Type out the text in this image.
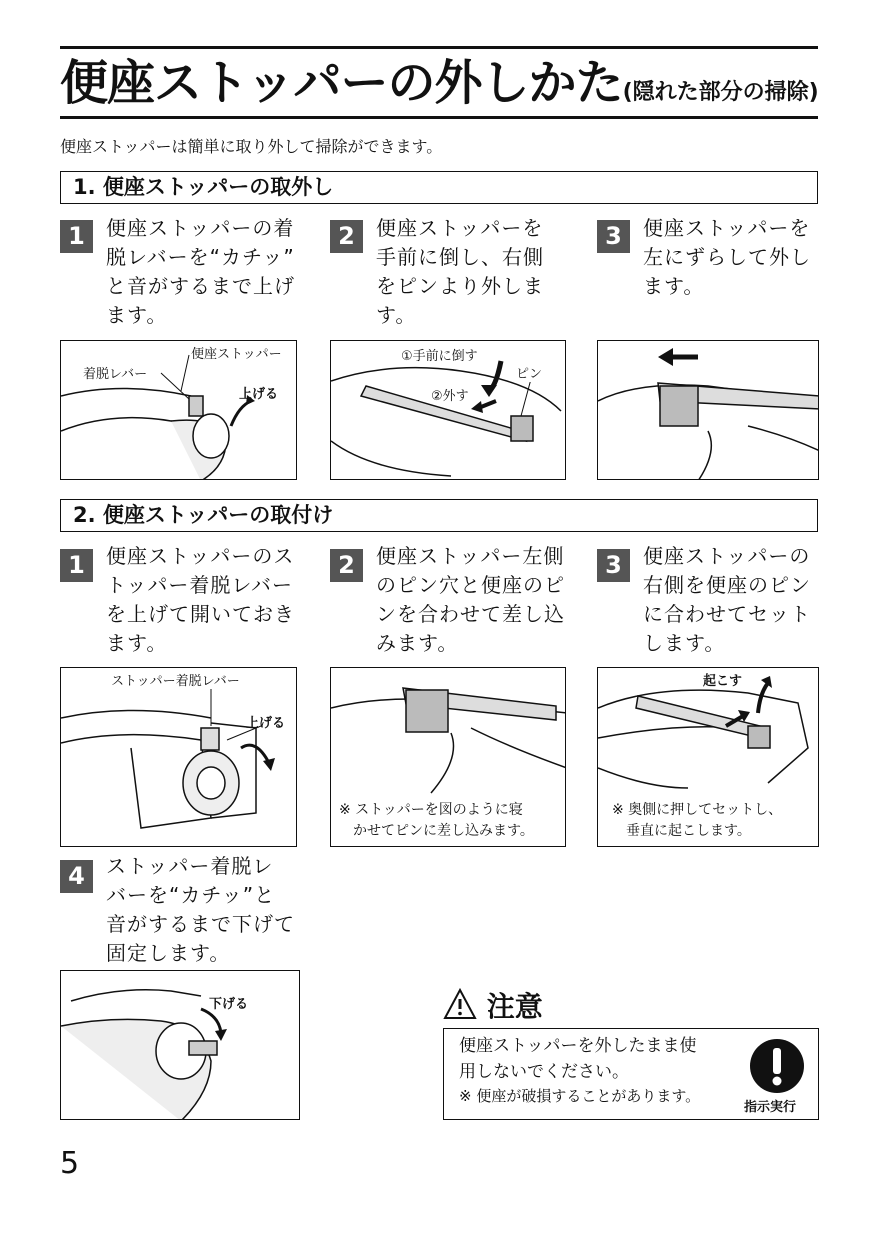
便座ストッパーの外しかた(隠れた部分の掃除)
便座ストッパーは簡単に取り外して掃除ができます。
1. 便座ストッパーの取外し
1	便座ストッパーの着
脱レバーを“カチッ”
と音がするまで上げ
ます。
2	便座ストッパーを
手前に倒し、右側
をピンより外しま
す。
3	便座ストッパーを
左にずらして外し
ます。
便座ストッパー
着脱レバー
上げる
①手前に倒す
ピン
②外す
2. 便座ストッパーの取付け
1	便座ストッパーのス
トッパー着脱レバー
を上げて開いておき
ます。
2	便座ストッパー左側
のピン穴と便座のピ
ンを合わせて差し込
みます。
3	便座ストッパーの
右側を便座のピン
に合わせてセット
します。
ストッパー着脱レバー
上げる
※ ストッパーを図のように寝
　かせてピンに差し込みます。
起こす
※ 奥側に押してセットし、
　垂直に起こします。
4	ストッパー着脱レ
バーを“カチッ”と
音がするまで下げて
固定します。
下げる	注意
便座ストッパーを外したまま使
用しないでください。
※ 便座が破損することがあります。
指示実行
5
